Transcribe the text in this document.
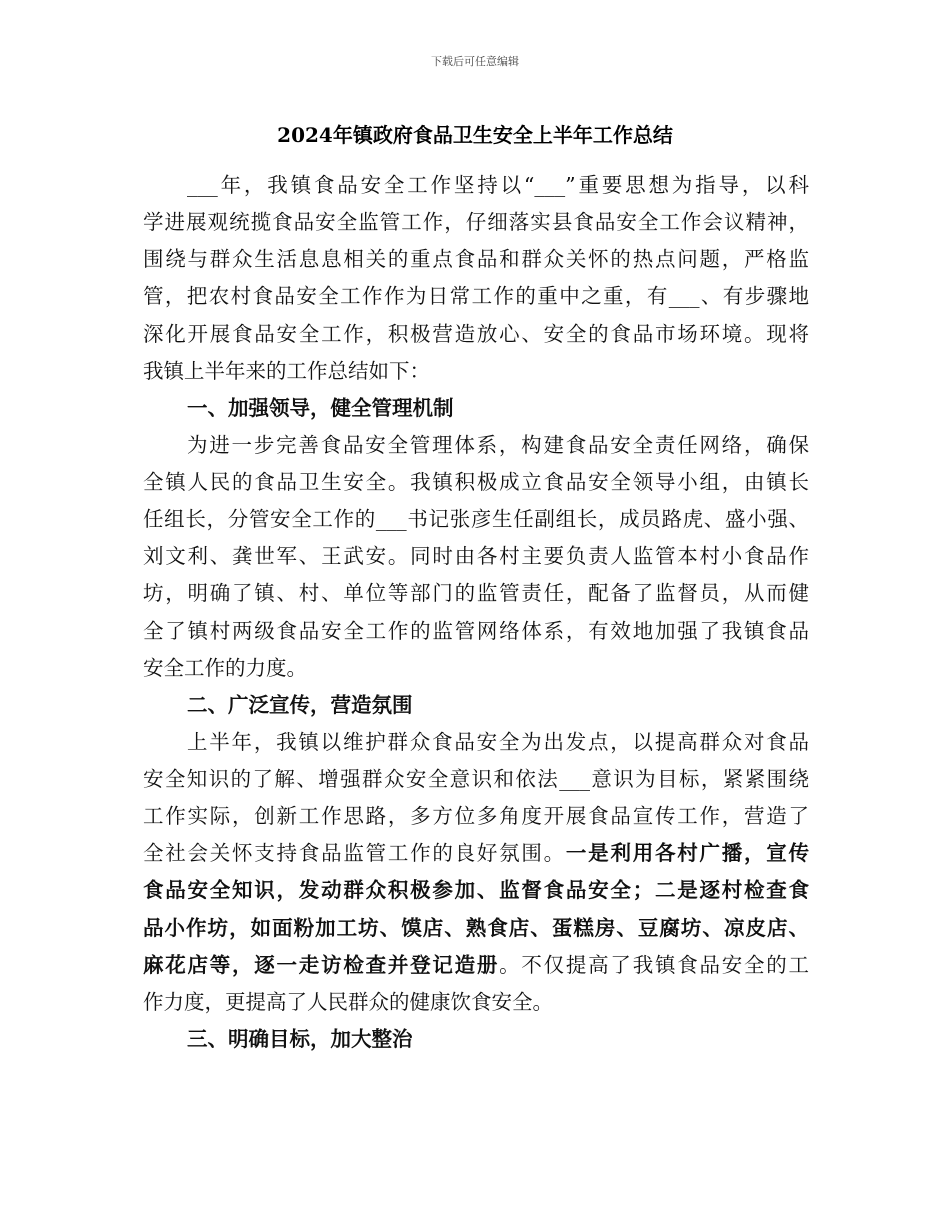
下载后可任意编辑
2024年镇政府食品卫生安全上半年工作总结
___年，我镇食品安全工作坚持以“___”重要思想为指导，以科
学进展观统揽食品安全监管工作，仔细落实县食品安全工作会议精神，
围绕与群众生活息息相关的重点食品和群众关怀的热点问题，严格监
管，把农村食品安全工作作为日常工作的重中之重，有___、有步骤地
深化开展食品安全工作，积极营造放心、安全的食品市场环境。现将
我镇上半年来的工作总结如下：
一、加强领导，健全管理机制
为进一步完善食品安全管理体系，构建食品安全责任网络，确保
全镇人民的食品卫生安全。我镇积极成立食品安全领导小组，由镇长
任组长，分管安全工作的___书记张彦生任副组长，成员路虎、盛小强、
刘文利、龚世军、王武安。同时由各村主要负责人监管本村小食品作
坊，明确了镇、村、单位等部门的监管责任，配备了监督员，从而健
全了镇村两级食品安全工作的监管网络体系，有效地加强了我镇食品
安全工作的力度。
二、广泛宣传，营造氛围
上半年，我镇以维护群众食品安全为出发点，以提高群众对食品
安全知识的了解、增强群众安全意识和依法___意识为目标，紧紧围绕
工作实际，创新工作思路，多方位多角度开展食品宣传工作，营造了
全社会关怀支持食品监管工作的良好氛围。一是利用各村广播，宣传
食品安全知识，发动群众积极参加、监督食品安全；二是逐村检查食
品小作坊，如面粉加工坊、馍店、熟食店、蛋糕房、豆腐坊、凉皮店、
麻花店等，逐一走访检查并登记造册。不仅提高了我镇食品安全的工
作力度，更提高了人民群众的健康饮食安全。
三、明确目标，加大整治
